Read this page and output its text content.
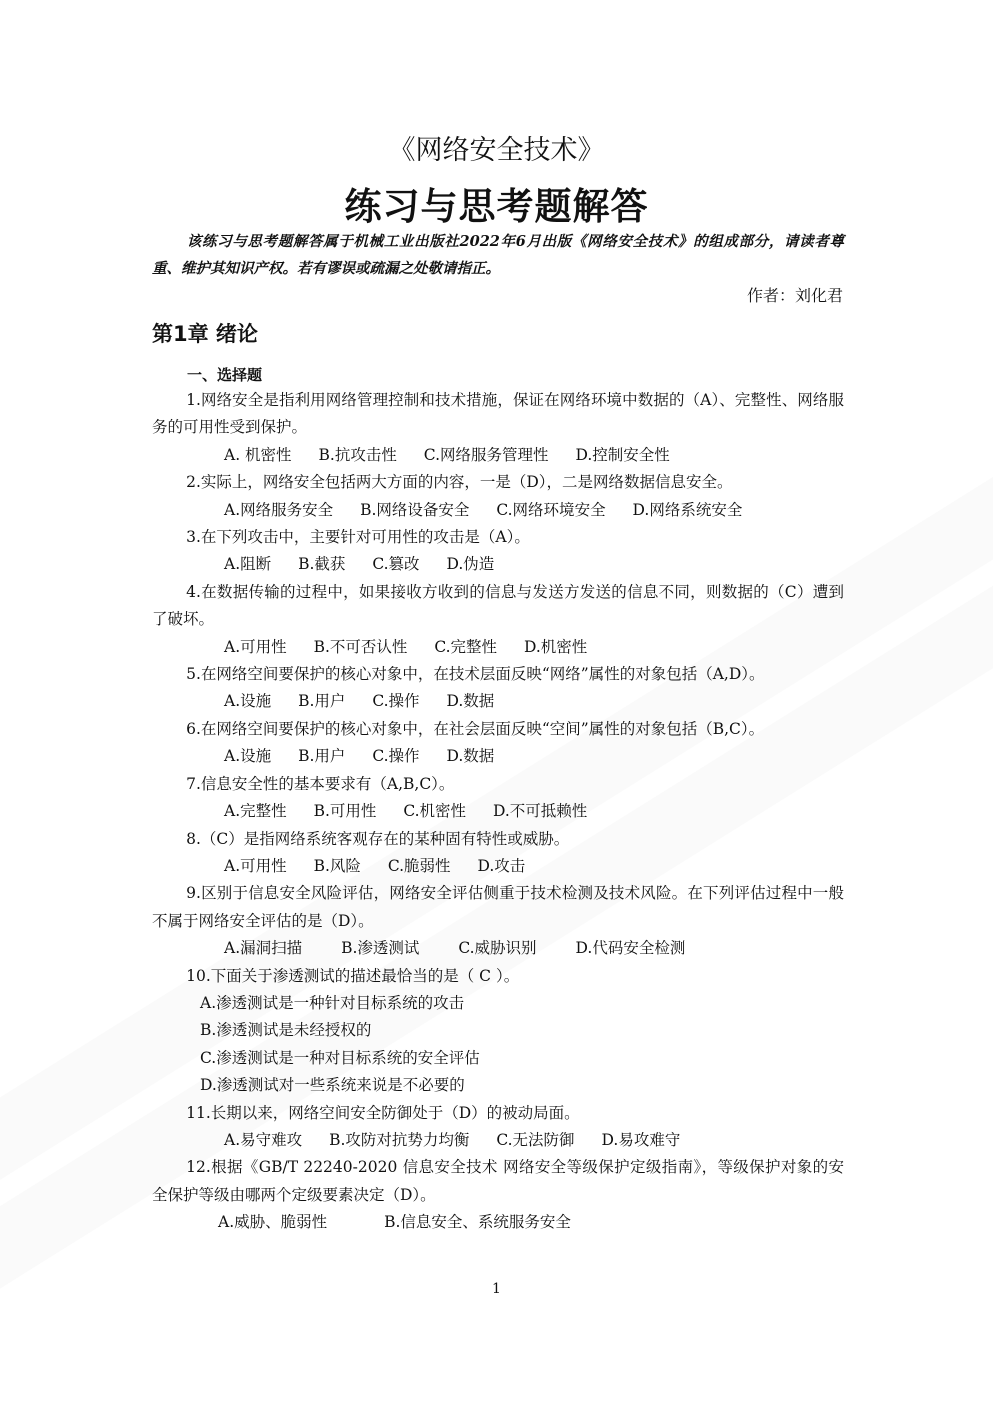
《网络安全技术》
练习与思考题解答
该练习与思考题解答属于机械工业出版社2022年6月出版《网络安全技术》的组成部分，请读者尊重、维护其知识产权。若有谬误或疏漏之处敬请指正。
作者：刘化君
第1章 绪论
一、选择题

1.网络安全是指利用网络管理控制和技术措施，保证在网络环境中数据的（A）、完整性、网络服务的可用性受到保护。

A. 机密性 B.抗攻击性 C.网络服务管理性 D.控制安全性

2.实际上，网络安全包括两大方面的内容，一是（D），二是网络数据信息安全。

A.网络服务安全 B.网络设备安全 C.网络环境安全 D.网络系统安全

3.在下列攻击中，主要针对可用性的攻击是（A）。

A.阻断 B.截获 C.篡改 D.伪造

4.在数据传输的过程中，如果接收方收到的信息与发送方发送的信息不同，则数据的（C）遭到了破坏。

A.可用性 B.不可否认性 C.完整性 D.机密性

5.在网络空间要保护的核心对象中，在技术层面反映“网络”属性的对象包括（A,D）。

A.设施 B.用户 C.操作 D.数据

6.在网络空间要保护的核心对象中，在社会层面反映“空间”属性的对象包括（B,C）。

A.设施 B.用户 C.操作 D.数据

7.信息安全性的基本要求有（A,B,C）。

A.完整性 B.可用性 C.机密性 D.不可抵赖性

8.（C）是指网络系统客观存在的某种固有特性或威胁。

A.可用性 B.风险 C.脆弱性 D.攻击

9.区别于信息安全风险评估，网络安全评估侧重于技术检测及技术风险。在下列评估过程中一般不属于网络安全评估的是（D）。

A.漏洞扫描	B.渗透测试	C.威胁识别	D.代码安全检测

10.下面关于渗透测试的描述最恰当的是（ C ）。

A.渗透测试是一种针对目标系统的攻击

B.渗透测试是未经授权的

C.渗透测试是一种对目标系统的安全评估

D.渗透测试对一些系统来说是不必要的

11.长期以来，网络空间安全防御处于（D）的被动局面。

A.易守难攻 B.攻防对抗势力均衡 C.无法防御 D.易攻难守

12.根据《GB/T 22240-2020 信息安全技术 网络安全等级保护定级指南》，等级保护对象的安全保护等级由哪两个定级要素决定（D）。

A.威胁、脆弱性	B.信息安全、系统服务安全

1
